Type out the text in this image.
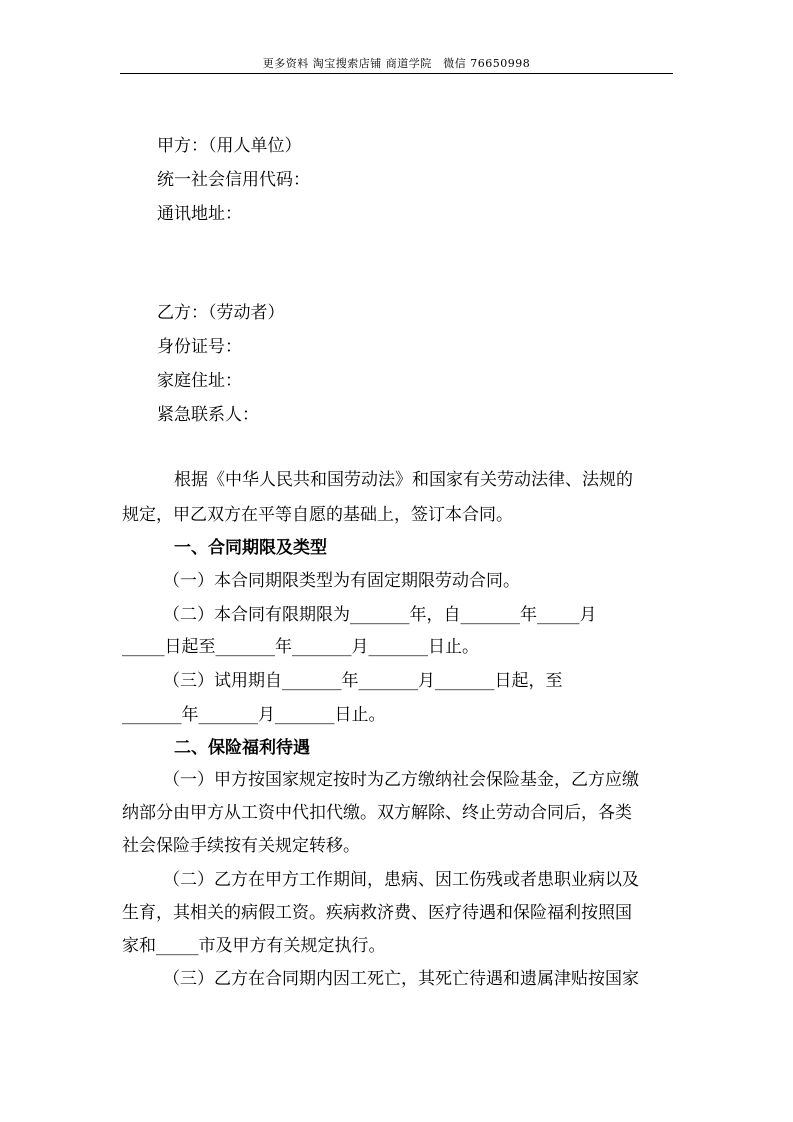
更多资料 淘宝搜索店铺 商道学院　微信 76650998
甲方：（用人单位）
统一社会信用代码：
通讯地址：
乙方：（劳动者）
身份证号：
家庭住址：
紧急联系人：
根据《中华人民共和国劳动法》和国家有关劳动法律、法规的
规定，甲乙双方在平等自愿的基础上，签订本合同。
一、合同期限及类型
（一）本合同期限类型为有固定期限劳动合同。
（二）本合同有限期限为_______年，自_______年_____月
_____日起至_______年_______月_______日止。
（三）试用期自_______年_______月_______日起，至
_______年_______月_______日止。
二、保险福利待遇
（一）甲方按国家规定按时为乙方缴纳社会保险基金，乙方应缴
纳部分由甲方从工资中代扣代缴。双方解除、终止劳动合同后，各类
社会保险手续按有关规定转移。
（二）乙方在甲方工作期间，患病、因工伤残或者患职业病以及
生育，其相关的病假工资。疾病救济费、医疗待遇和保险福利按照国
家和_____市及甲方有关规定执行。
（三）乙方在合同期内因工死亡，其死亡待遇和遗属津贴按国家
